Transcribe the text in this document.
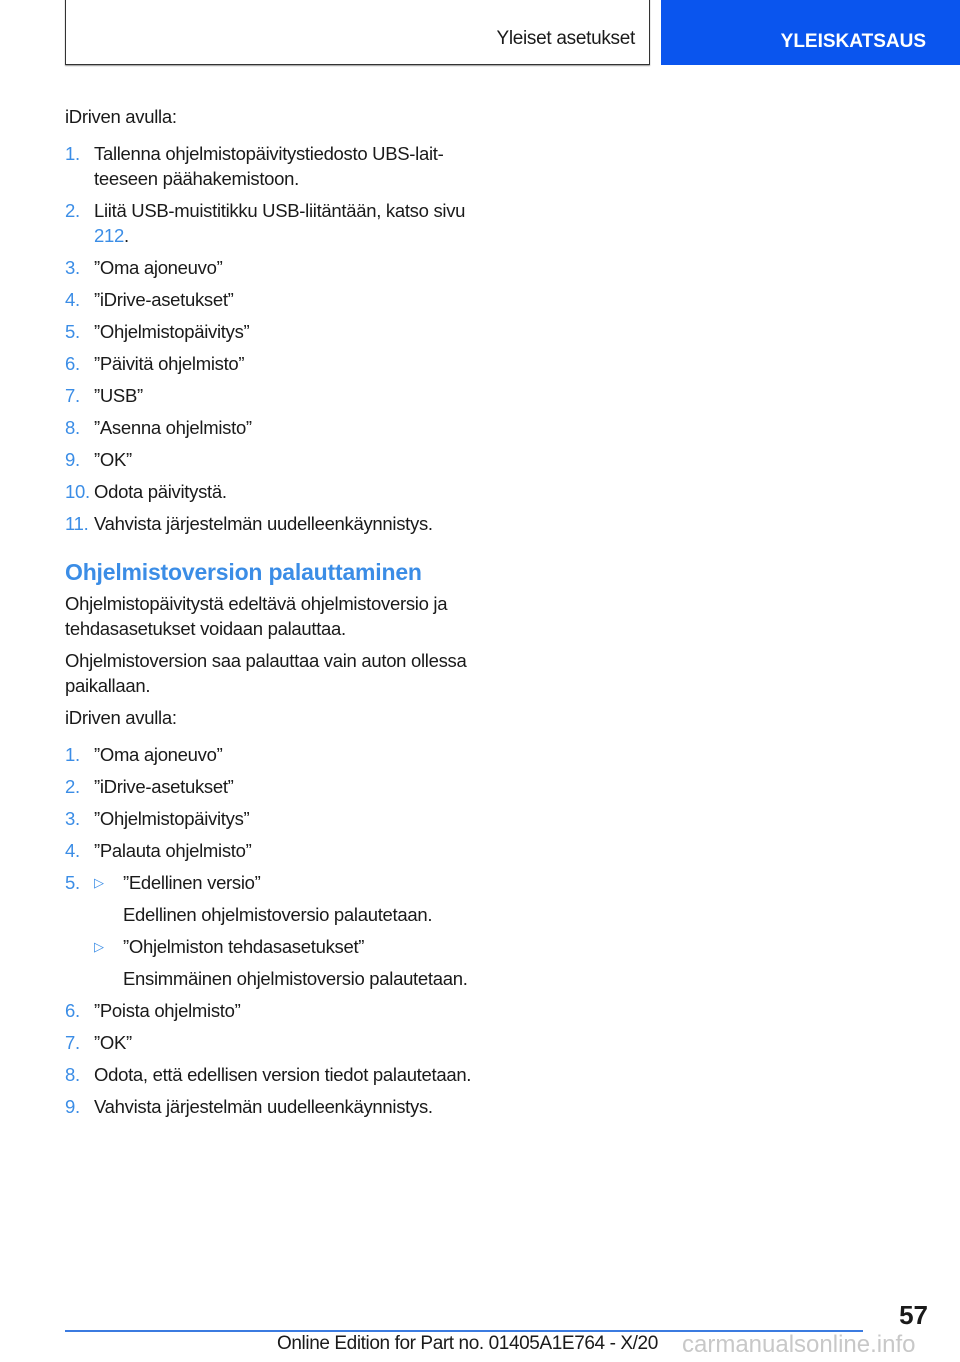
Yleiset asetukset	YLEISKATSAUS

iDriven avulla:

1. Tallenna ohjelmistopäivitystiedosto UBS-laitteeseen päähakemistoon.
2. Liitä USB-muistitikku USB-liitäntään, katso sivu 212.
3. ”Oma ajoneuvo”
4. ”iDrive-asetukset”
5. ”Ohjelmistopäivitys”
6. ”Päivitä ohjelmisto”
7. ”USB”
8. ”Asenna ohjelmisto”
9. ”OK”
10. Odota päivitystä.
11. Vahvista järjestelmän uudelleenkäynnistys.
Ohjelmistoversion palauttaminen

Ohjelmistopäivitystä edeltävä ohjelmistoversio ja tehdasasetukset voidaan palauttaa.

Ohjelmistoversion saa palauttaa vain auton ollessa paikallaan.

iDriven avulla:

1. ”Oma ajoneuvo”
2. ”iDrive-asetukset”
3. ”Ohjelmistopäivitys”
4. ”Palauta ohjelmisto”
5. ▷ ”Edellinen versio”
Edellinen ohjelmistoversio palautetaan.
▷ ”Ohjelmiston tehdasasetukset”
Ensimmäinen ohjelmistoversio palautetaan.
6. ”Poista ohjelmisto”
7. ”OK”
8. Odota, että edellisen version tiedot palautetaan.
9. Vahvista järjestelmän uudelleenkäynnistys.
57
Online Edition for Part no. 01405A1E764 - X/20 carmanualsonline.info
